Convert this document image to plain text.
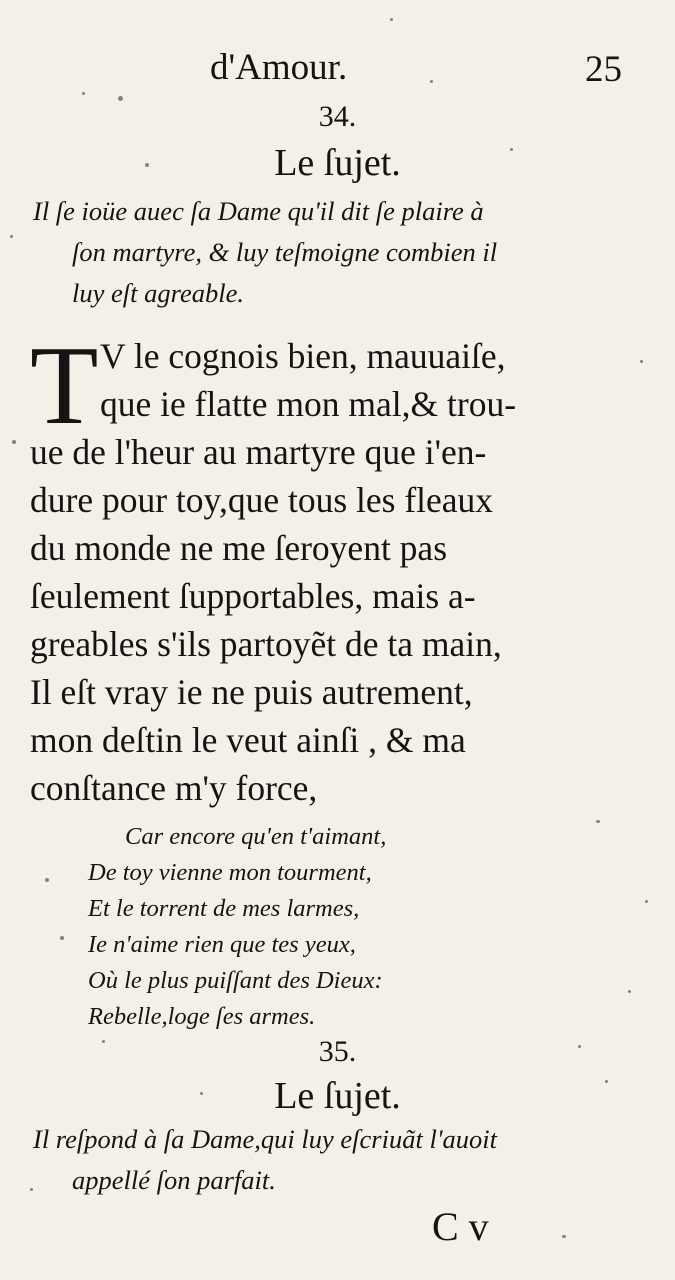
d'Amour.	25
34.
Le ſujet.
Il ſe ioüe auec ſa Dame qu'il dit ſe plaire à
ſon martyre, & luy teſmoigne combien il
luy eſt agreable.
T V le cognois bien, mauuaiſe,
que ie flatte mon mal,& trou-
ue de l'heur au martyre que i'en-
dure pour toy,que tous les fleaux
du monde ne me ſeroyent pas
ſeulement ſupportables, mais a-
greables s'ils partoyẽt de ta main,
Il eſt vray ie ne puis autrement,
mon deſtin le veut ainſi , & ma
conſtance m'y force,
Car encore qu'en t'aimant,
De toy vienne mon tourment,
Et le torrent de mes larmes,
Ie n'aime rien que tes yeux,
Où le plus puiſſant des Dieux:
Rebelle,loge ſes armes.
35.
Le ſujet.
Il reſpond à ſa Dame,qui luy eſcriuãt l'auoit
appellé ſon parfait.
C v
